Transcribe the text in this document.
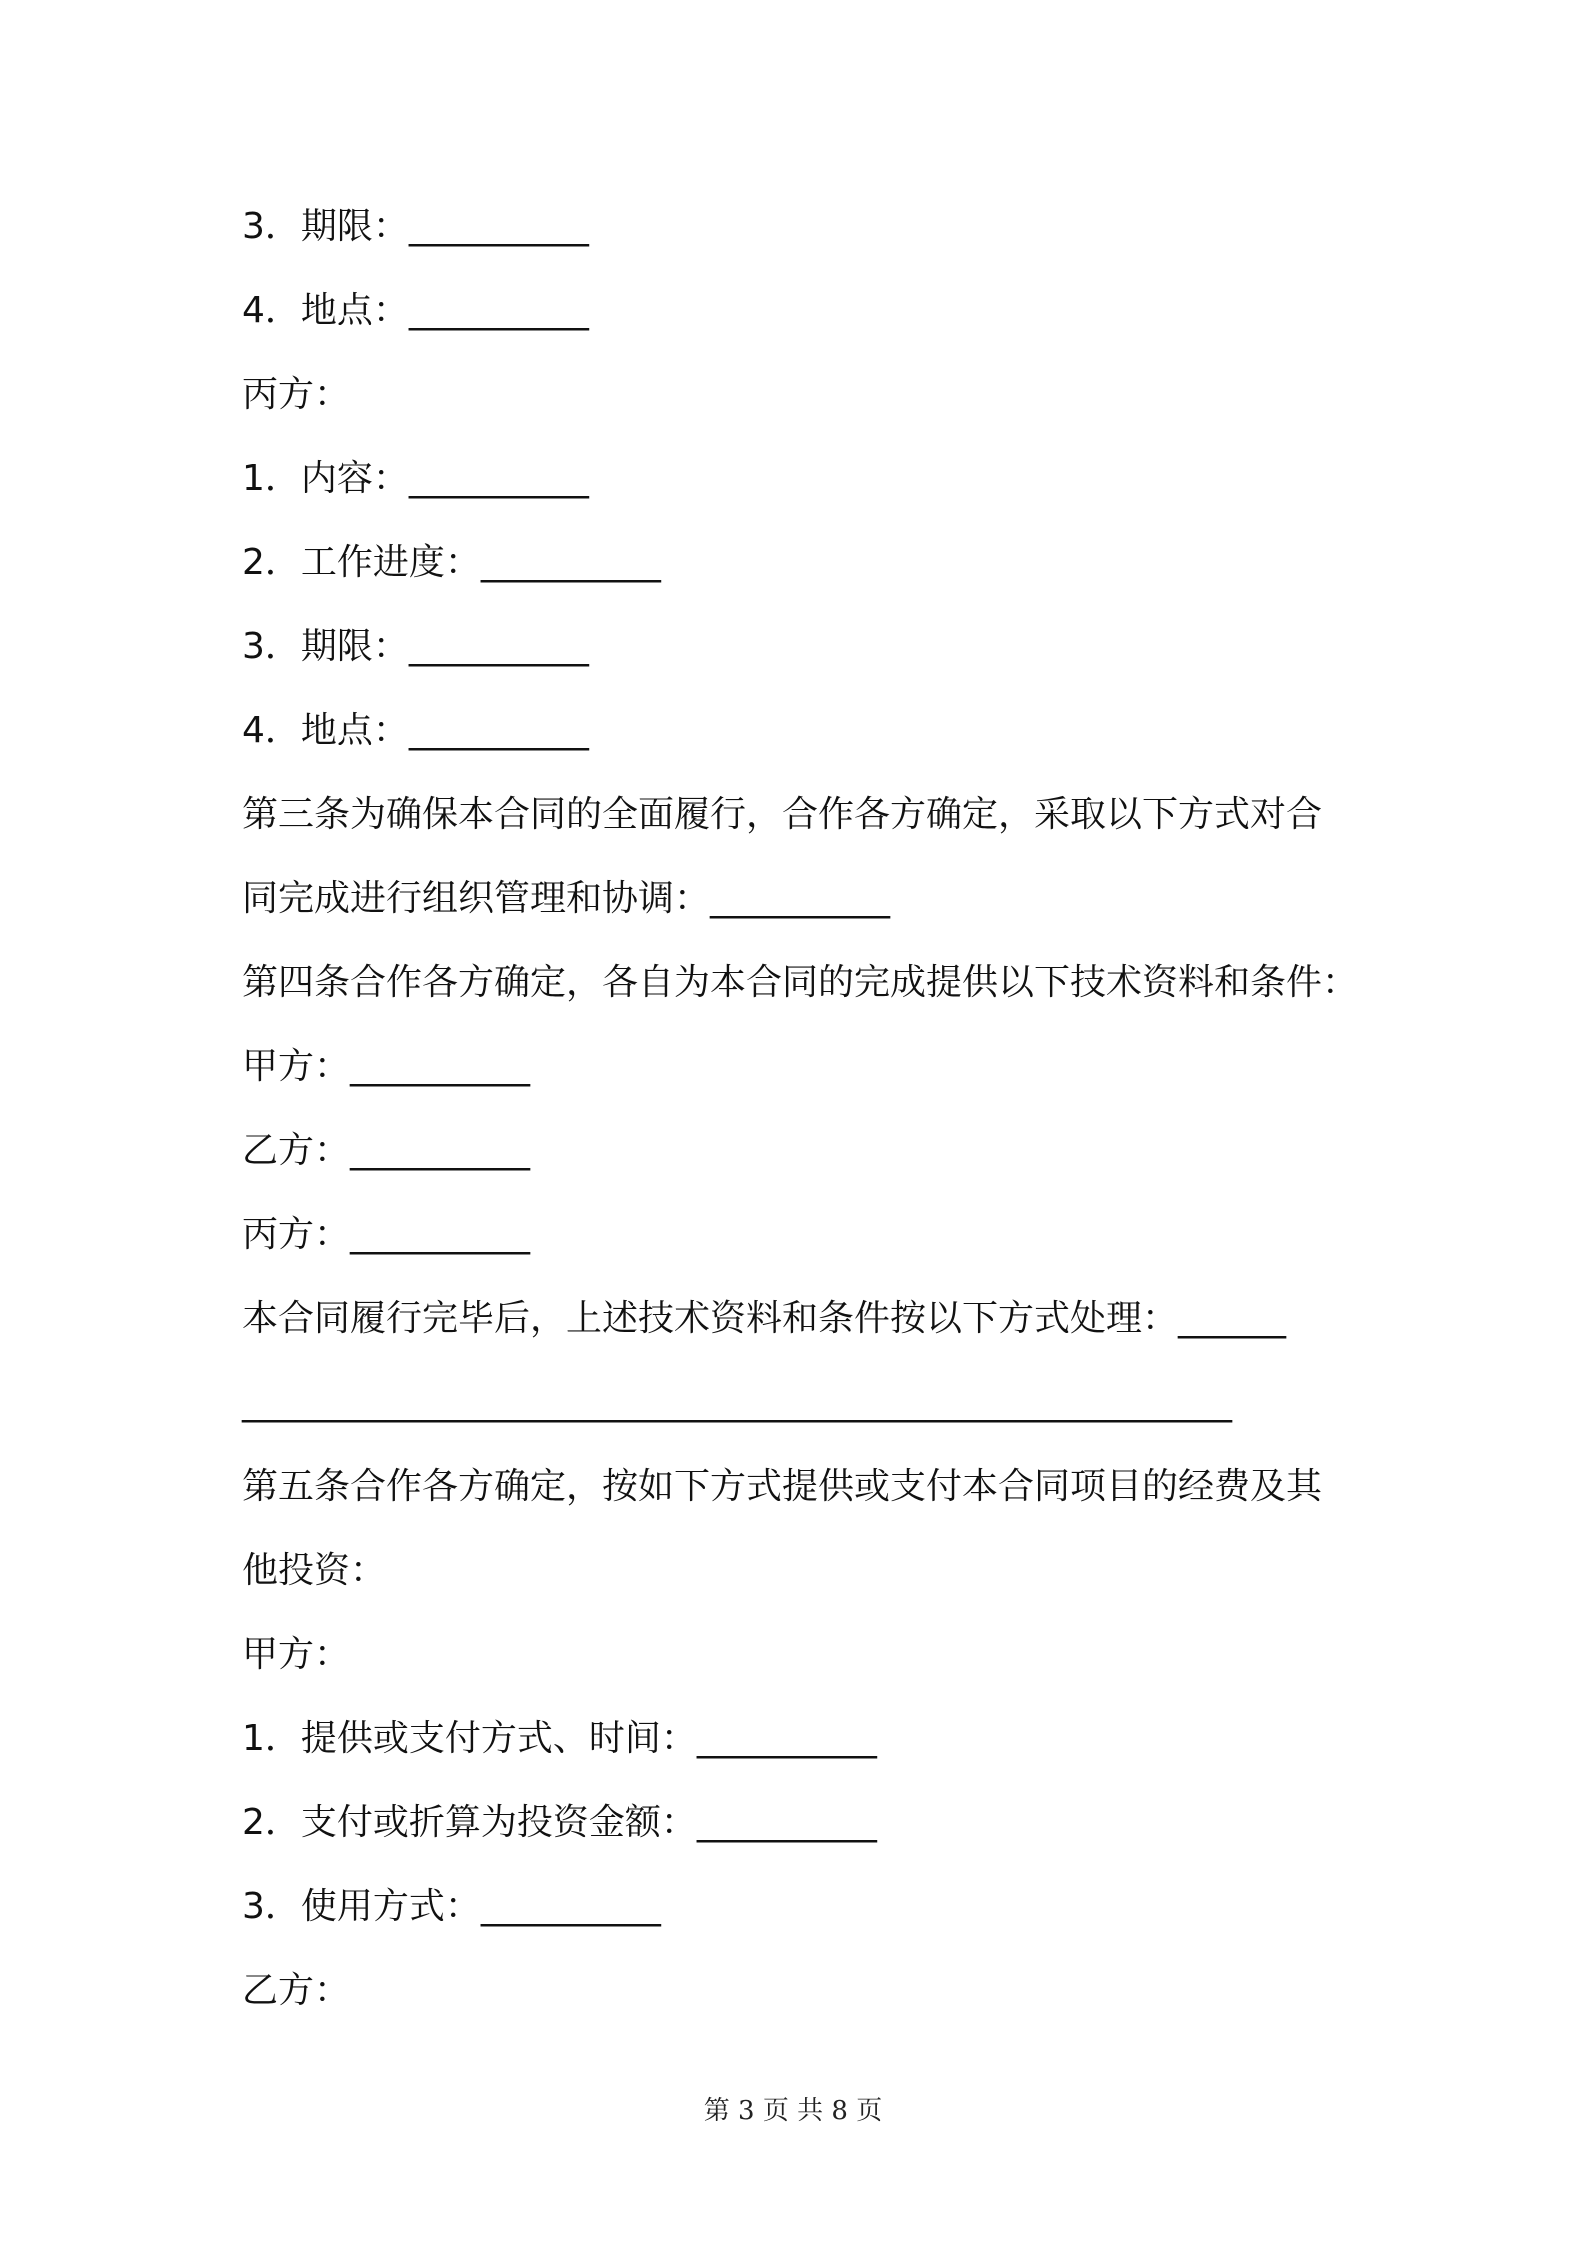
3．期限：__________
4．地点：__________
丙方：
1．内容：__________
2．工作进度：__________
3．期限：__________
4．地点：__________
第三条为确保本合同的全面履行，合作各方确定，采取以下方式对合
同完成进行组织管理和协调：__________
第四条合作各方确定，各自为本合同的完成提供以下技术资料和条件：
甲方：__________
乙方：__________
丙方：__________
本合同履行完毕后，上述技术资料和条件按以下方式处理：______
_______________________________________________________
第五条合作各方确定，按如下方式提供或支付本合同项目的经费及其
他投资：
甲方：
1．提供或支付方式、时间：__________
2．支付或折算为投资金额：__________
3．使用方式：__________
乙方：
第 3 页 共 8 页
